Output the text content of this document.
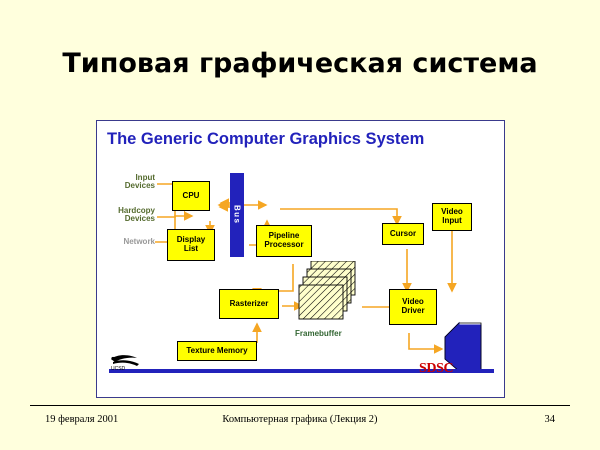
Типовая графическая система
The Generic Computer Graphics System
Input
Devices
Hardcopy
Devices
Network
CPU
Display
List
Bus
Pipeline
Processor
Rasterizer
Texture Memory
Cursor
Video
Input
Video
Driver
Framebuffer
UCSD	SDSC
19 февраля 2001	Компьютерная графика (Лекция 2)	34
